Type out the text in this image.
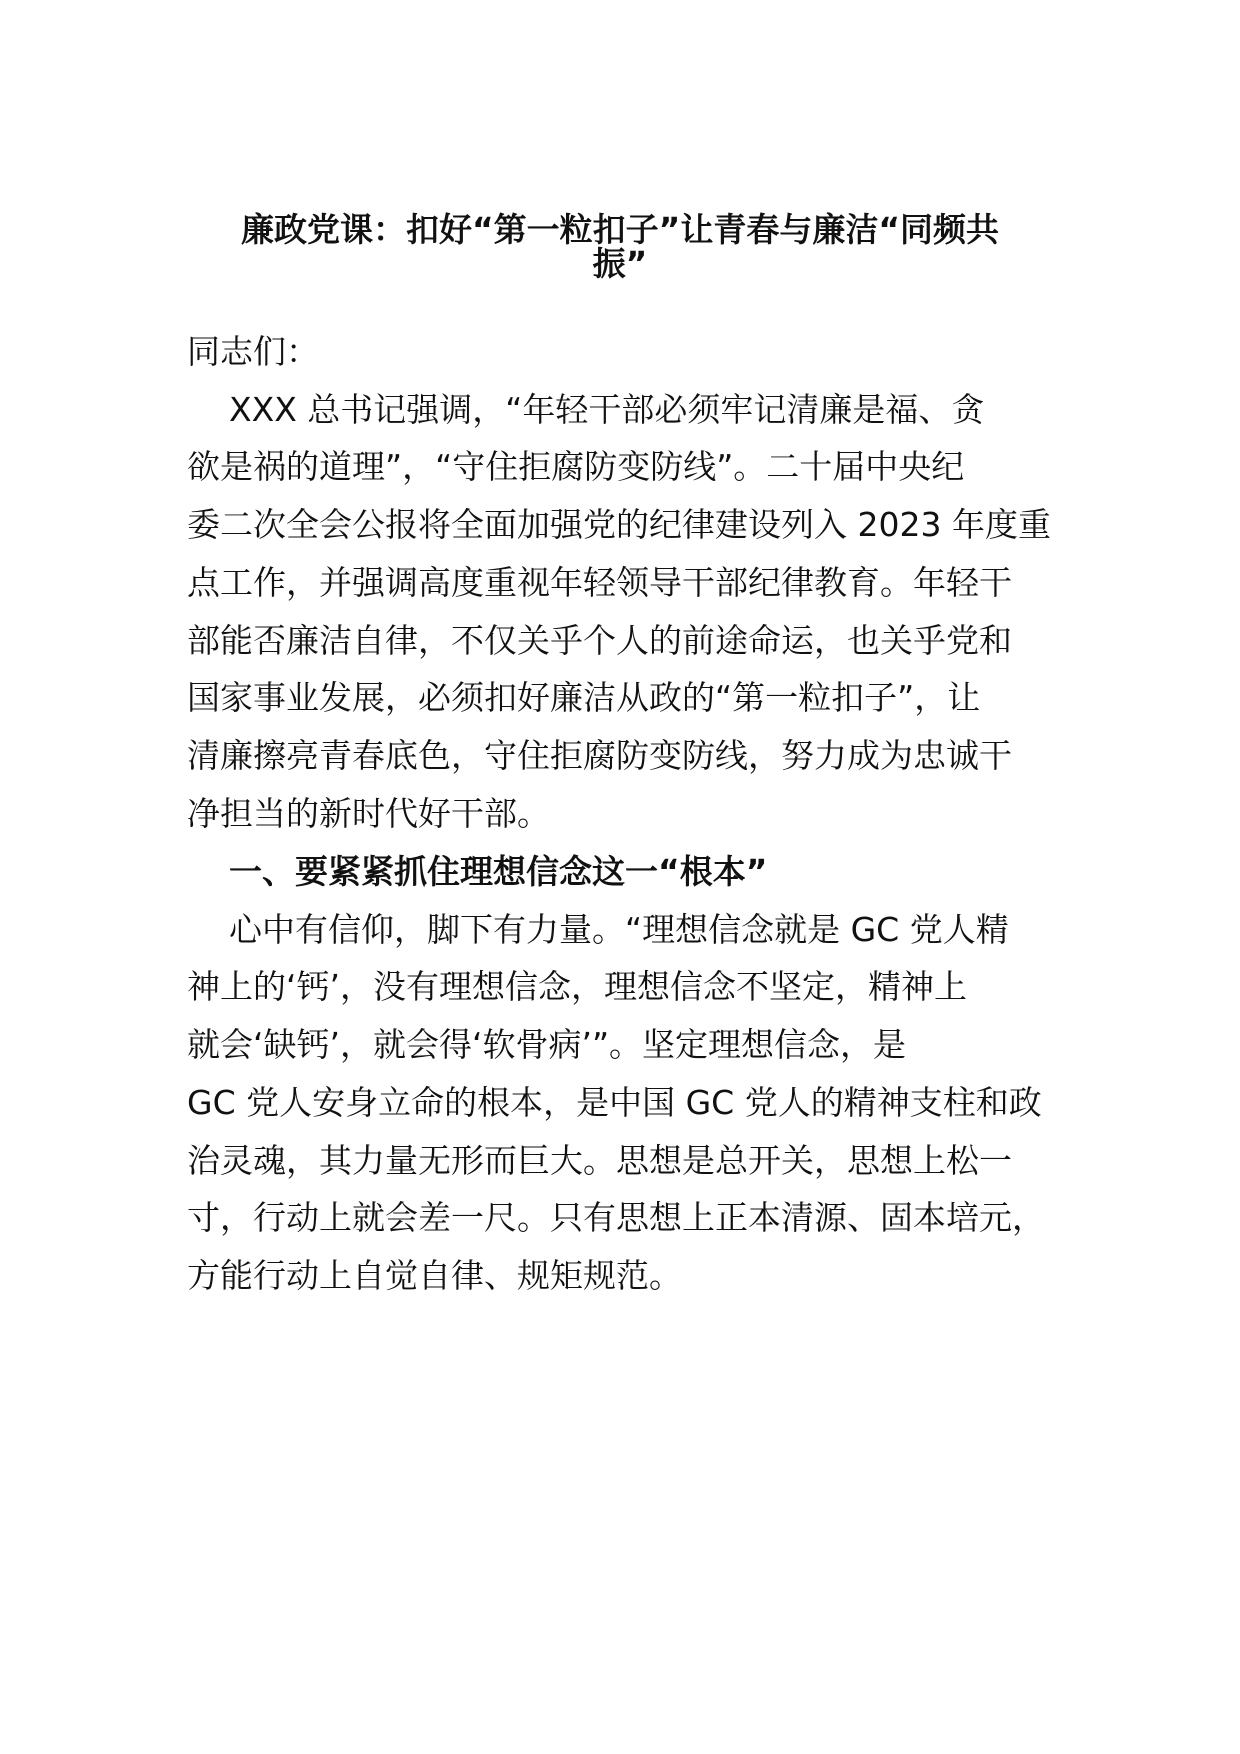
廉政党课：扣好“第一粒扣子”让青春与廉洁“同频共
振”

同志们：

XXX 总书记强调，“年轻干部必须牢记清廉是福、贪

欲是祸的道理”，“守住拒腐防变防线”。二十届中央纪

委二次全会公报将全面加强党的纪律建设列入 2023 年度重

点工作，并强调高度重视年轻领导干部纪律教育。年轻干

部能否廉洁自律，不仅关乎个人的前途命运，也关乎党和

国家事业发展，必须扣好廉洁从政的“第一粒扣子”，让

清廉擦亮青春底色，守住拒腐防变防线，努力成为忠诚干

净担当的新时代好干部。

一、要紧紧抓住理想信念这一“根本”

心中有信仰，脚下有力量。“理想信念就是 GC 党人精

神上的‘钙’，没有理想信念，理想信念不坚定，精神上

就会‘缺钙’，就会得‘软骨病’”。坚定理想信念，是

GC 党人安身立命的根本，是中国 GC 党人的精神支柱和政

治灵魂，其力量无形而巨大。思想是总开关，思想上松一

寸，行动上就会差一尺。只有思想上正本清源、固本培元，

方能行动上自觉自律、规矩规范。
